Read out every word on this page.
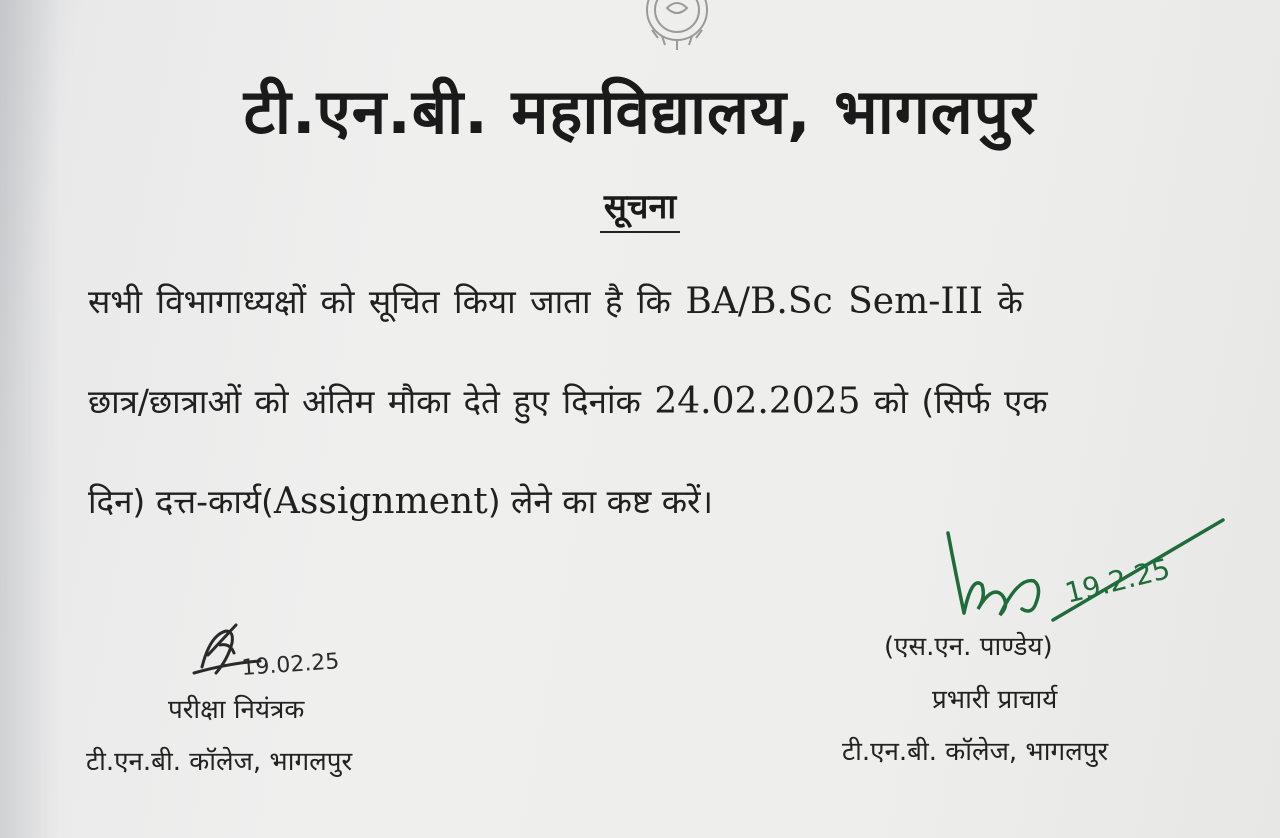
टी.एन.बी. महाविद्यालय, भागलपुर
सूचना
सभी विभागाध्यक्षों को सूचित किया जाता है कि BA/B.Sc Sem-III के
छात्र/छात्राओं को अंतिम मौका देते हुए दिनांक 24.02.2025 को (सिर्फ एक
दिन) दत्त-कार्य(Assignment) लेने का कष्ट करें।
19.02.25
परीक्षा नियंत्रक
टी.एन.बी. कॉलेज, भागलपुर
19.2.25
(एस.एन. पाण्डेय)
प्रभारी प्राचार्य
टी.एन.बी. कॉलेज, भागलपुर
